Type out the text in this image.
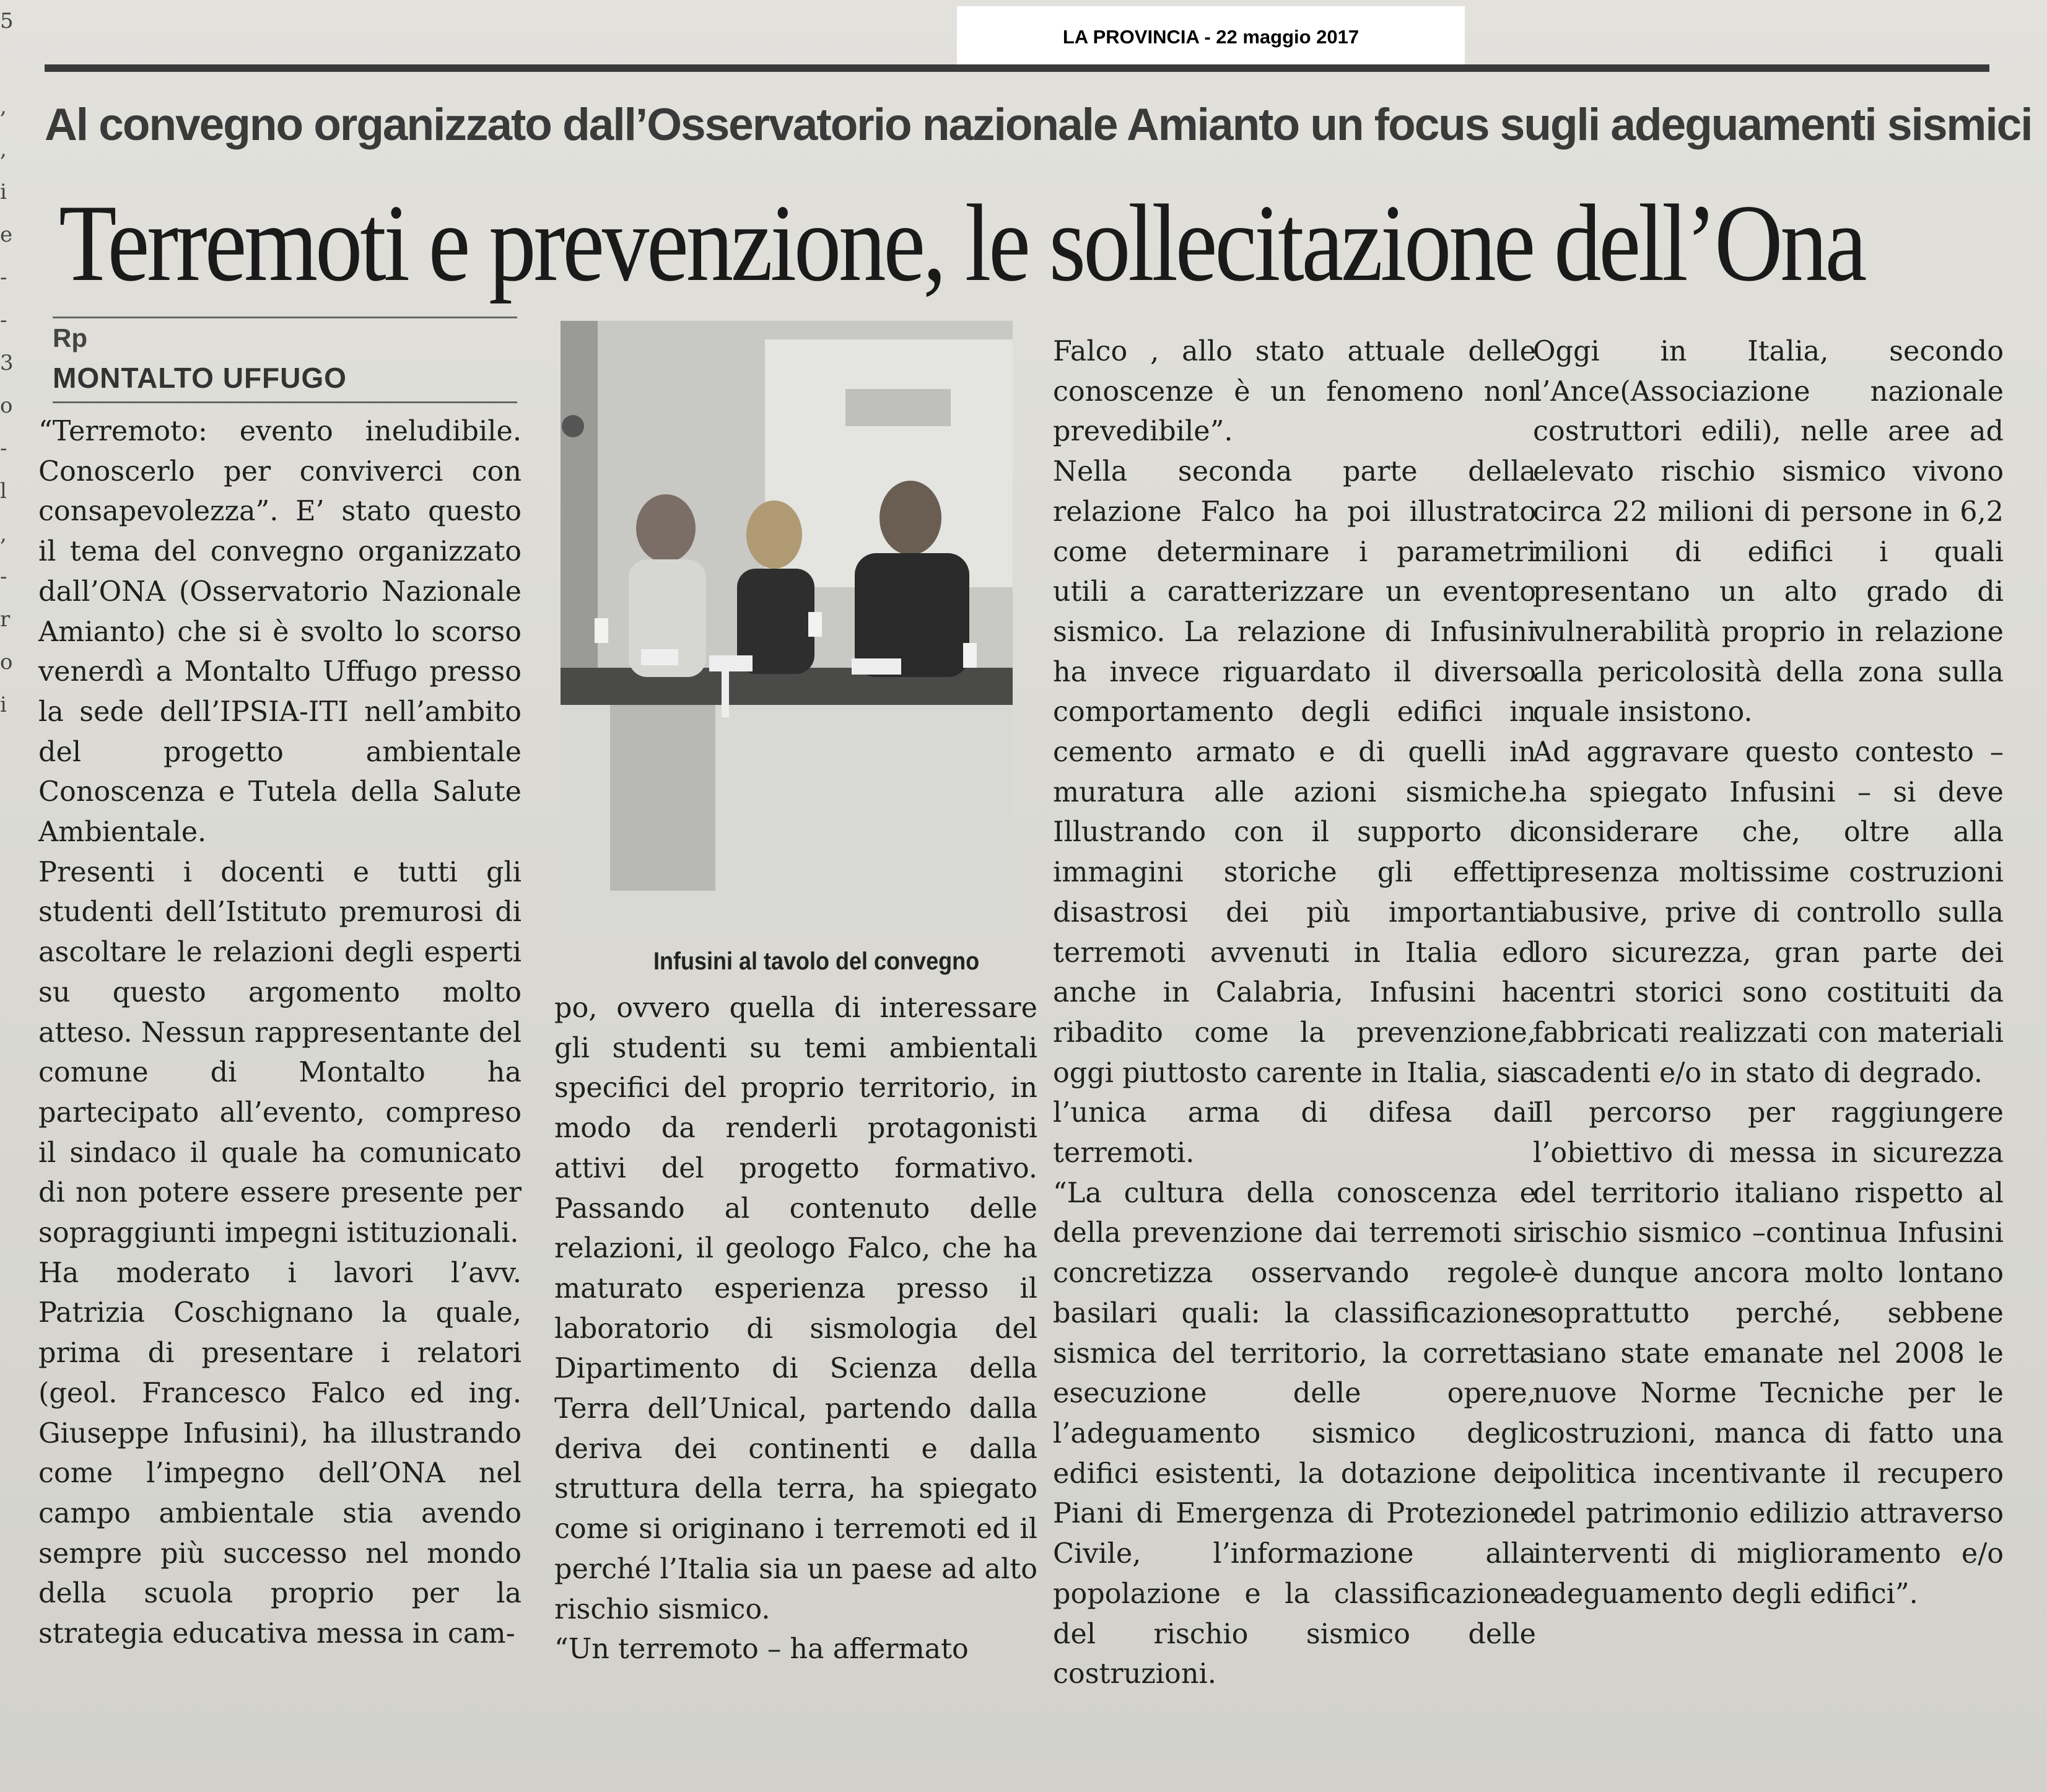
5

,
,
i
e
-
-
3
o
-
l
,
-
r
o
i
LA PROVINCIA - 22 maggio 2017
Al convegno organizzato dall’Osservatorio nazionale Amianto un focus sugli adeguamenti sismici
Terremoti e prevenzione, le sollecitazione dell’Ona
Rp
MONTALTO UFFUGO

“Terremoto: evento ineludibile. Conoscerlo per conviverci con consapevolezza”. E’ stato questo il tema del convegno organizzato dall’ONA (Osservatorio Nazionale Amianto) che si è svolto lo scorso venerdì a Montalto Uffugo presso la sede dell’IPSIA-ITI nell’ambito del progetto ambientale Conoscenza e Tutela della Salute Ambientale.

Presenti i docenti e tutti gli studenti dell’Istituto premurosi di ascoltare le relazioni degli esperti su questo argomento molto atteso. Nessun rappresentante del comune di Montalto ha partecipato all’evento, compreso il sindaco il quale ha comunicato di non potere essere presente per sopraggiunti impegni istituzionali.

Ha moderato i lavori l’avv. Patrizia Coschignano la quale, prima di presentare i relatori (geol. Francesco Falco ed ing. Giuseppe Infusini), ha illustrando come l’impegno dell’ONA nel campo ambientale stia avendo sempre più successo nel mondo della scuola proprio per la strategia educativa messa in cam-

Infusini al tavolo del convegno

po, ovvero quella di interessare gli studenti su temi ambientali specifici del proprio territorio, in modo da renderli protagonisti attivi del progetto formativo. Passando al contenuto delle relazioni, il geologo Falco, che ha maturato esperienza presso il laboratorio di sismologia del Dipartimento di Scienza della Terra dell’Unical, partendo dalla deriva dei continenti e dalla struttura della terra, ha spiegato come si originano i terremoti ed il perché l’Italia sia un paese ad alto rischio sismico.

“Un terremoto – ha affermato

Falco , allo stato attuale delle conoscenze è un fenomeno non prevedibile”.

Nella seconda parte della relazione Falco ha poi illustrato come determinare i parametri utili a caratterizzare un evento sismico. La relazione di Infusini ha invece riguardato il diverso comportamento degli edifici in cemento armato e di quelli in muratura alle azioni sismiche. Illustrando con il supporto di immagini storiche gli effetti disastrosi dei più importanti terremoti avvenuti in Italia ed anche in Calabria, Infusini ha ribadito come la prevenzione, oggi piuttosto carente in Italia, sia l’unica arma di difesa dai terremoti.

“La cultura della conoscenza e della prevenzione dai terremoti si concretizza osservando regole basilari quali: la classificazione sismica del territorio, la corretta esecuzione delle opere, l’adeguamento sismico degli edifici esistenti, la dotazione dei Piani di Emergenza di Protezione Civile, l’informazione alla popolazione e la classificazione del rischio sismico delle costruzioni.

Oggi in Italia, secondo l’Ance(Associazione nazionale costruttori edili), nelle aree ad elevato rischio sismico vivono circa 22 milioni di persone in 6,2 milioni di edifici i quali presentano un alto grado di vulnerabilità proprio in relazione alla pericolosità della zona sulla quale insistono.

Ad aggravare questo contesto – ha spiegato Infusini – si deve considerare che, oltre alla presenza moltissime costruzioni abusive, prive di controllo sulla loro sicurezza, gran parte dei centri storici sono costituiti da fabbricati realizzati con materiali scadenti e/o in stato di degrado.

Il percorso per raggiungere l’obiettivo di messa in sicurezza del territorio italiano rispetto al rischio sismico –continua Infusini -è dunque ancora molto lontano soprattutto perché, sebbene siano state emanate nel 2008 le nuove Norme Tecniche per le costruzioni, manca di fatto una politica incentivante il recupero del patrimonio edilizio attraverso interventi di miglioramento e/o adeguamento degli edifici”.
